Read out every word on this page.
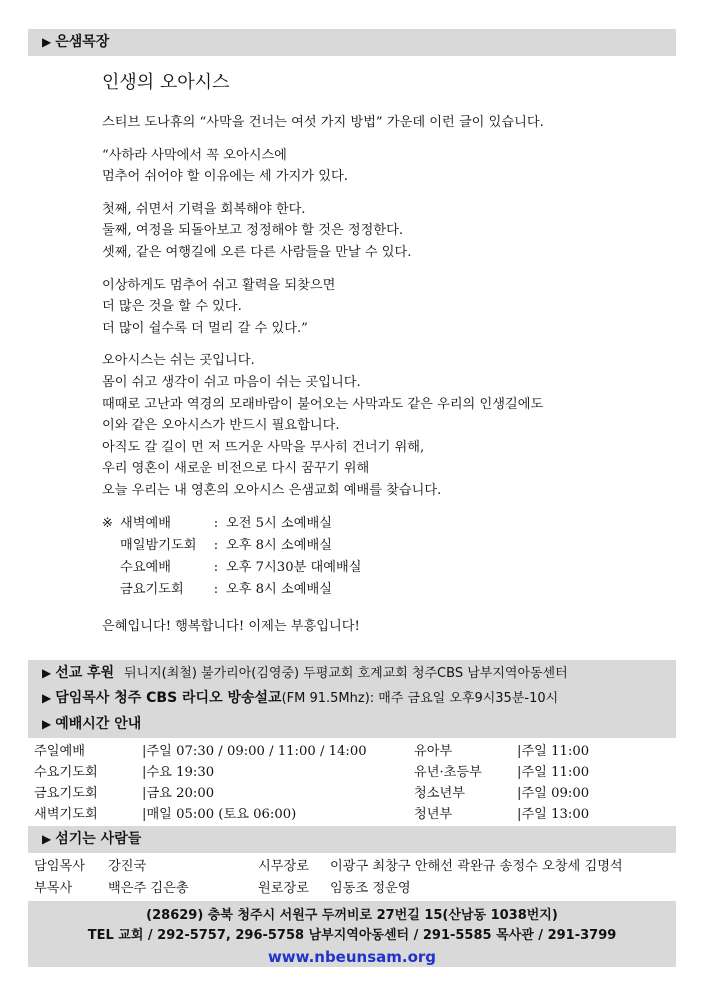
▶ 은샘목장
인생의 오아시스

스티브 도나휴의 “사막을 건너는 여섯 가지 방법” 가운데 이런 글이 있습니다.

“사하라 사막에서 꼭 오아시스에
멈추어 쉬어야 할 이유에는 세 가지가 있다.

첫째, 쉬면서 기력을 회복해야 한다.
둘째, 여정을 되돌아보고 정정해야 할 것은 정정한다.
셋째, 같은 여행길에 오른 다른 사람들을 만날 수 있다.

이상하게도 멈추어 쉬고 활력을 되찾으면
더 많은 것을 할 수 있다.
더 많이 쉴수록 더 멀리 갈 수 있다.”

오아시스는 쉬는 곳입니다.
몸이 쉬고 생각이 쉬고 마음이 쉬는 곳입니다.
때때로 고난과 역경의 모래바람이 불어오는 사막과도 같은 우리의 인생길에도
이와 같은 오아시스가 반드시 필요합니다.
아직도 갈 길이 먼 저 뜨거운 사막을 무사히 건너기 위해,
우리 영혼이 새로운 비전으로 다시 꿈꾸기 위해
오늘 우리는 내 영혼의 오아시스 은샘교회 예배를 찾습니다.

※ 새벽예배	: 오전 5시 소예배실
매일밤기도회	: 오후 8시 소예배실
수요예배	: 오후 7시30분 대예배실
금요기도회	: 오후 8시 소예배실

은혜입니다! 행복합니다! 이제는 부흥입니다!

▶ 선교 후원 뒤니지(최철) 불가리아(김영중) 두평교회 호계교회 청주CBS 남부지역아동센터
▶ 담임목사 청주 CBS 라디오 방송설교(FM 91.5Mhz): 매주 금요일 오후9시35분-10시
▶ 예배시간 안내
주일예배	|주일 07:30 / 09:00 / 11:00 / 14:00	유아부	|주일 11:00
수요기도회	|수요 19:30	유년·초등부	|주일 11:00
금요기도회	|금요 20:00	청소년부	|주일 09:00
새벽기도회	|매일 05:00 (토요 06:00)	청년부	|주일 13:00
▶ 섬기는 사람들
담임목사	강진국	시무장로	이광구 최창구 안해선 곽완규 송정수 오창세 김명석
부목사	백은주 김은총	원로장로	임동조 정운영
(28629) 충북 청주시 서원구 두꺼비로 27번길 15(산남동 1038번지)
TEL 교회 / 292-5757, 296-5758 남부지역아동센터 / 291-5585 목사관 / 291-3799
www.nbeunsam.org
